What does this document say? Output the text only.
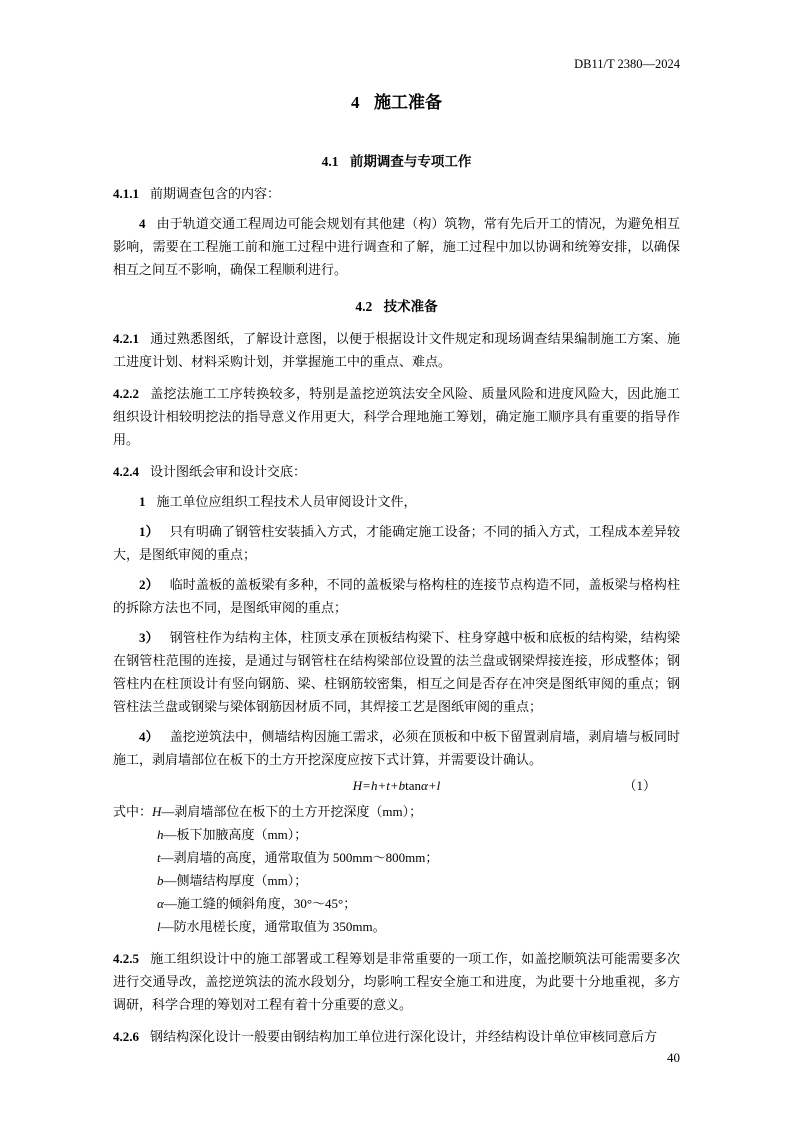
DB11/T 2380—2024
4 施工准备
4.1 前期调查与专项工作
4.1.1 前期调查包含的内容：
4 由于轨道交通工程周边可能会规划有其他建（构）筑物，常有先后开工的情况，为避免相互影响，需要在工程施工前和施工过程中进行调查和了解，施工过程中加以协调和统筹安排，以确保相互之间互不影响，确保工程顺利进行。
4.2 技术准备
4.2.1 通过熟悉图纸，了解设计意图，以便于根据设计文件规定和现场调查结果编制施工方案、施工进度计划、材料采购计划，并掌握施工中的重点、难点。
4.2.2 盖挖法施工工序转换较多，特别是盖挖逆筑法安全风险、质量风险和进度风险大，因此施工组织设计相较明挖法的指导意义作用更大，科学合理地施工筹划，确定施工顺序具有重要的指导作用。
4.2.4 设计图纸会审和设计交底：
1 施工单位应组织工程技术人员审阅设计文件，
1） 只有明确了钢管柱安装插入方式，才能确定施工设备；不同的插入方式，工程成本差异较大，是图纸审阅的重点；
2） 临时盖板的盖板梁有多种，不同的盖板梁与格构柱的连接节点构造不同，盖板梁与格构柱的拆除方法也不同，是图纸审阅的重点；
3） 钢管柱作为结构主体，柱顶支承在顶板结构梁下、柱身穿越中板和底板的结构梁，结构梁在钢管柱范围的连接，是通过与钢管柱在结构梁部位设置的法兰盘或钢梁焊接连接，形成整体；钢管柱内在柱顶设计有竖向钢筋、梁、柱钢筋较密集，相互之间是否存在冲突是图纸审阅的重点；钢管柱法兰盘或钢梁与梁体钢筋因材质不同，其焊接工艺是图纸审阅的重点；
4） 盖挖逆筑法中，侧墙结构因施工需求，必须在顶板和中板下留置剥肩墙，剥肩墙与板同时施工，剥肩墙部位在板下的土方开挖深度应按下式计算，并需要设计确认。
H=h+t+btanα+l	（1）
式中：H—剥肩墙部位在板下的土方开挖深度（mm）；
h—板下加腋高度（mm）；
t—剥肩墙的高度，通常取值为 500mm～800mm；
b—侧墙结构厚度（mm）；
α—施工缝的倾斜角度，30°～45°；
l—防水甩槎长度，通常取值为 350mm。
4.2.5 施工组织设计中的施工部署或工程筹划是非常重要的一项工作，如盖挖顺筑法可能需要多次进行交通导改，盖挖逆筑法的流水段划分，均影响工程安全施工和进度，为此要十分地重视，多方调研，科学合理的筹划对工程有着十分重要的意义。
4.2.6 钢结构深化设计一般要由钢结构加工单位进行深化设计，并经结构设计单位审核同意后方
40
